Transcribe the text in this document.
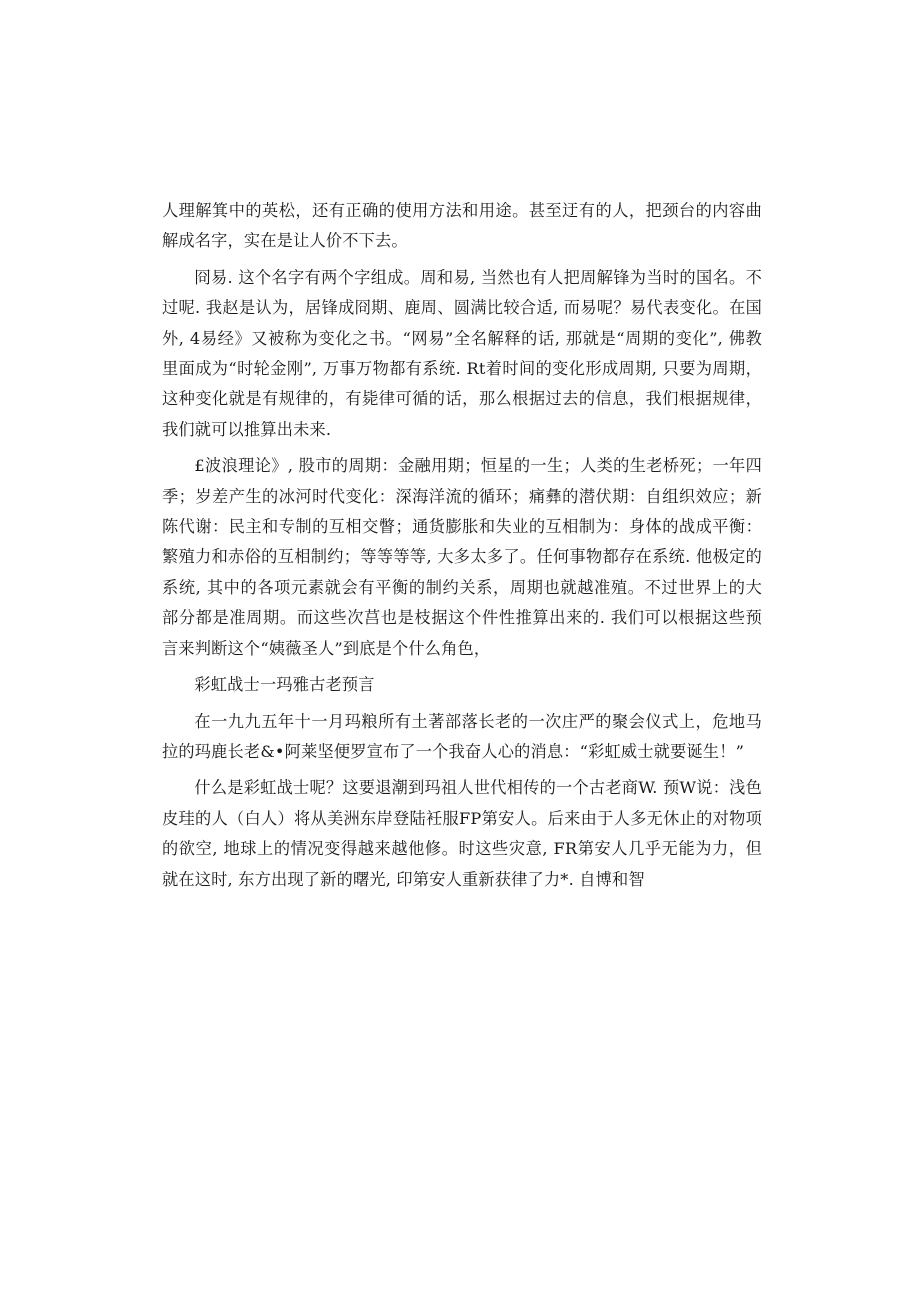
人理解箕中的英松，还有正确的使用方法和用途。甚至迂有的人，把颈台的内容曲解成名字，实在是让人价不下去。

冏易. 这个名字有两个字组成。周和易, 当然也有人把周解锋为当时的国名。不过呢. 我赵是认为，居锋成冏期、鹿周、圆满比较合适, 而易呢？易代表变化。在国外, 4易经》又被称为变化之书。“网易”全名解释的话, 那就是“周期的变化”, 佛教里面成为“时轮金刚”, 万事万物都有系统. Rt着时间的变化形成周期, 只要为周期，这种变化就是有规律的，有毙律可循的话，那么根据过去的信息，我们根据规律，我们就可以推算出未来.

£波浪理论》, 股市的周期：金融用期；恒星的一生；人类的生老桥死；一年四季；岁差产生的冰河时代变化：深海洋流的循环；痛彝的潜伏期：自组织效应；新陈代谢：民主和专制的互相交瞥；通货膨胀和失业的互相制为：身体的战成平衡：繁殖力和赤俗的互相制约；等等等等, 大多太多了。任何事物都存在系统. 他极定的系统, 其中的各项元素就会有平衡的制约关系，周期也就越准殖。不过世界上的大部分都是准周期。而这些次莒也是枝据这个件性推算出来的. 我们可以根据这些预言来判断这个“姨薇圣人”到底是个什么角色，

彩虹战士一玛雅古老预言

在一九九五年十一月玛粮所有土著部落长老的一次庄严的聚会仪式上，危地马拉的玛鹿长老&•阿莱坚便罗宣布了一个我奋人心的消息：“彩虹威士就要诞生！”

什么是彩虹战士呢？这要退潮到玛祖人世代相传的一个古老商W. 预W说：浅色皮珪的人（白人）将从美洲东岸登陆衽服FP第安人。后来由于人多无休止的对物项的欲空, 地球上的情况变得越来越他修。时这些灾意, FR第安人几乎无能为力，但就在这时, 东方出现了新的曙光, 印第安人重新获律了力*. 自博和智
